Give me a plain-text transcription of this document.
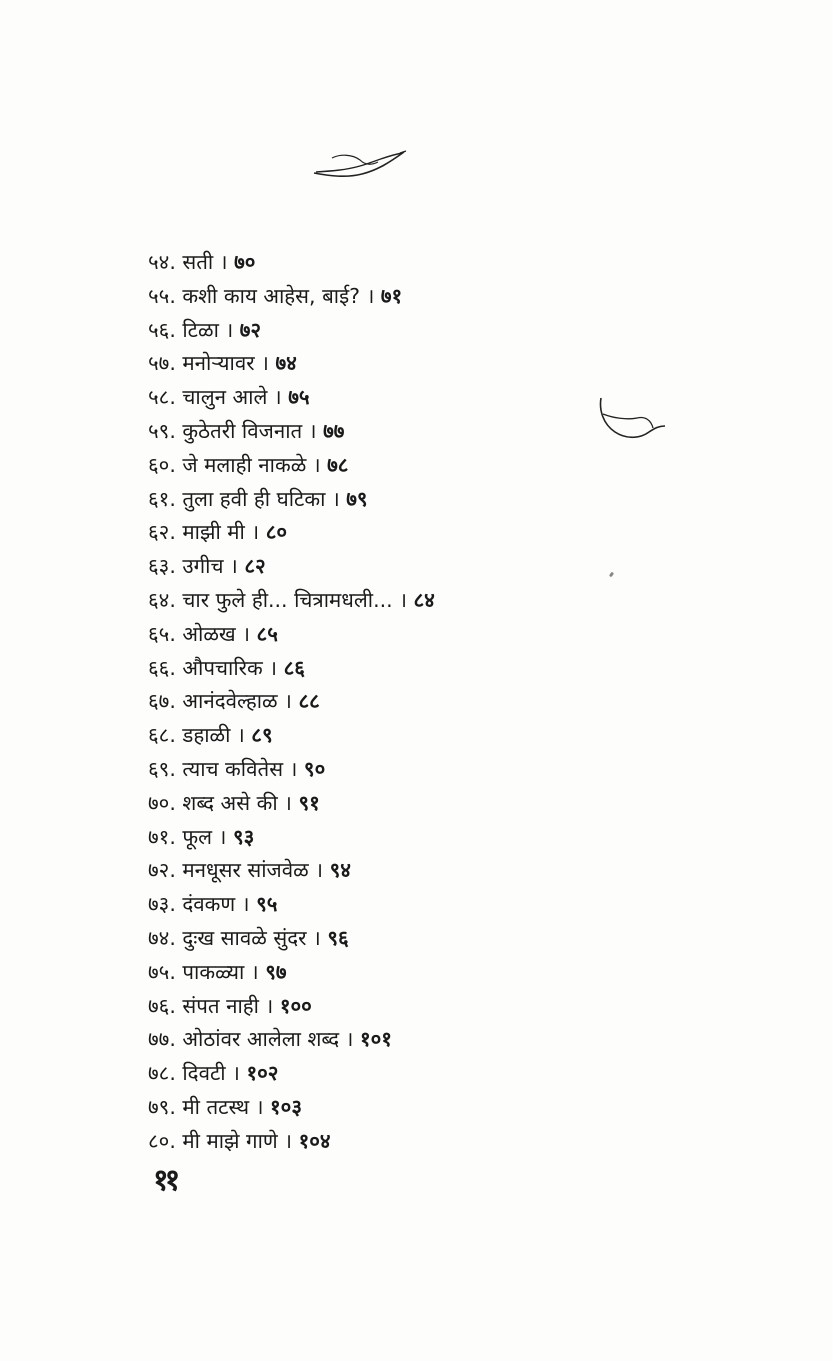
५४. सती । ७०
५५. कशी काय आहेस, बाई? । ७१
५६. टिळा । ७२
५७. मनोऱ्यावर । ७४
५८. चालुन आले । ७५
५९. कुठेतरी विजनात । ७७
६०. जे मलाही नाकळे । ७८
६१. तुला हवी ही घटिका । ७९
६२. माझी मी । ८०
६३. उगीच । ८२
६४. चार फुले ही... चित्रामधली... । ८४
६५. ओळख । ८५
६६. औपचारिक । ८६
६७. आनंदवेल्हाळ । ८८
६८. डहाळी । ८९
६९. त्याच कवितेस । ९०
७०. शब्द असे की । ९१
७१. फूल । ९३
७२. मनधूसर सांजवेळ । ९४
७३. दंवकण । ९५
७४. दुःख सावळे सुंदर । ९६
७५. पाकळ्या । ९७
७६. संपत नाही । १००
७७. ओठांवर आलेला शब्द । १०१
७८. दिवटी । १०२
७९. मी तटस्थ । १०३
८०. मी माझे गाणे । १०४
११
